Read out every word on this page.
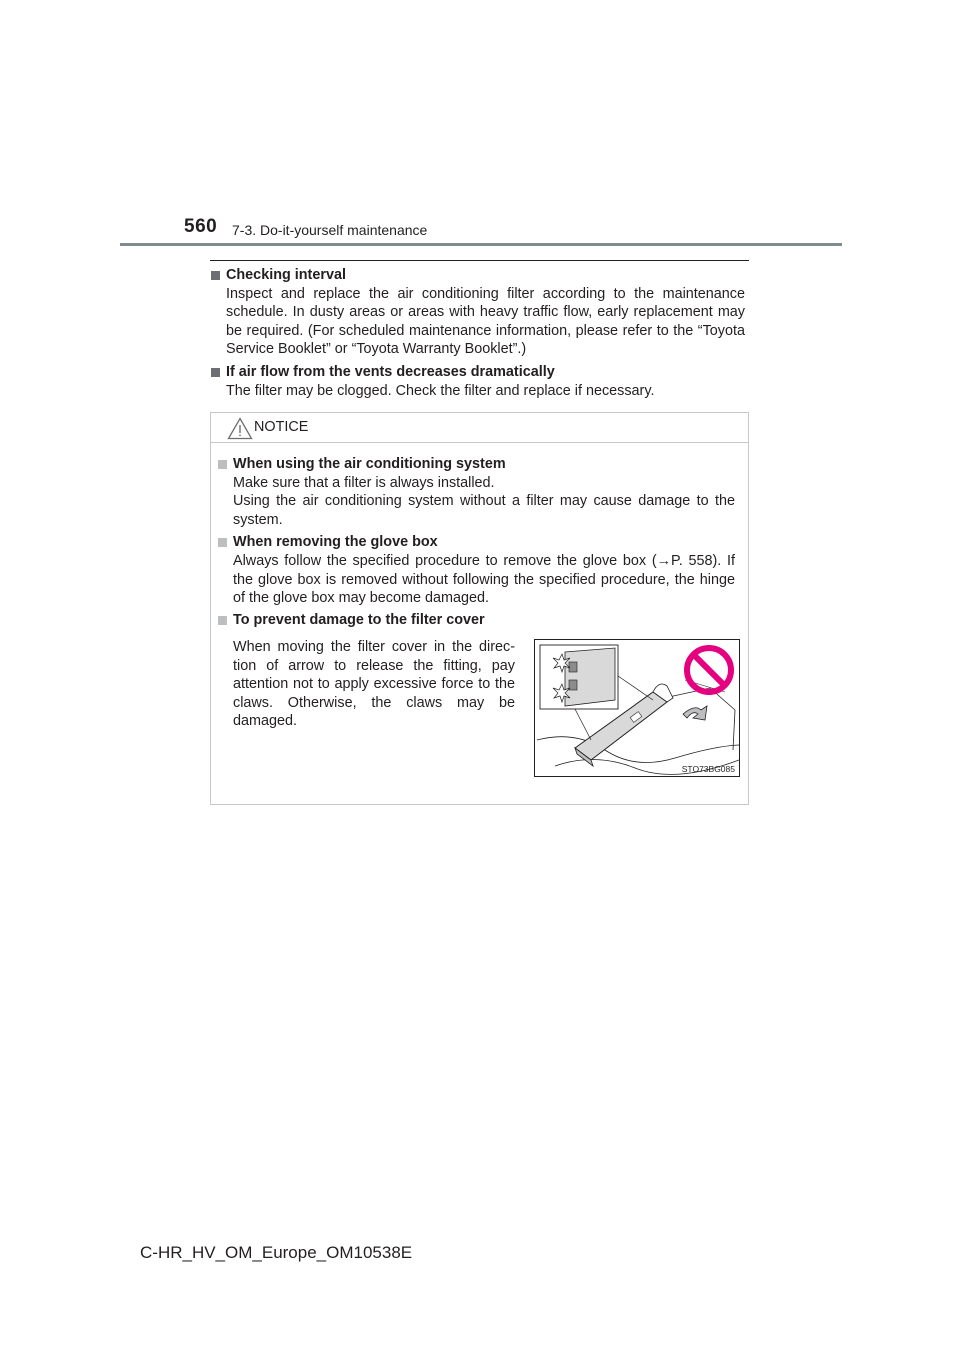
560 7-3. Do-it-yourself maintenance
Checking interval
Inspect and replace the air conditioning filter according to the maintenance schedule. In dusty areas or areas with heavy traffic flow, early replacement may be required. (For scheduled maintenance information, please refer to the “Toyota Service Booklet” or “Toyota Warranty Booklet”.)
If air flow from the vents decreases dramatically
The filter may be clogged. Check the filter and replace if necessary.
NOTICE
When using the air conditioning system
Make sure that a filter is always installed.
Using the air conditioning system without a filter may cause damage to the system.
When removing the glove box
Always follow the specified procedure to remove the glove box (→P. 558). If the glove box is removed without following the specified procedure, the hinge of the glove box may become damaged.
To prevent damage to the filter cover
When moving the filter cover in the direc-tion of arrow to release the fitting, pay attention not to apply excessive force to the claws. Otherwise, the claws may be damaged.
STO73BG085
C-HR_HV_OM_Europe_OM10538E
